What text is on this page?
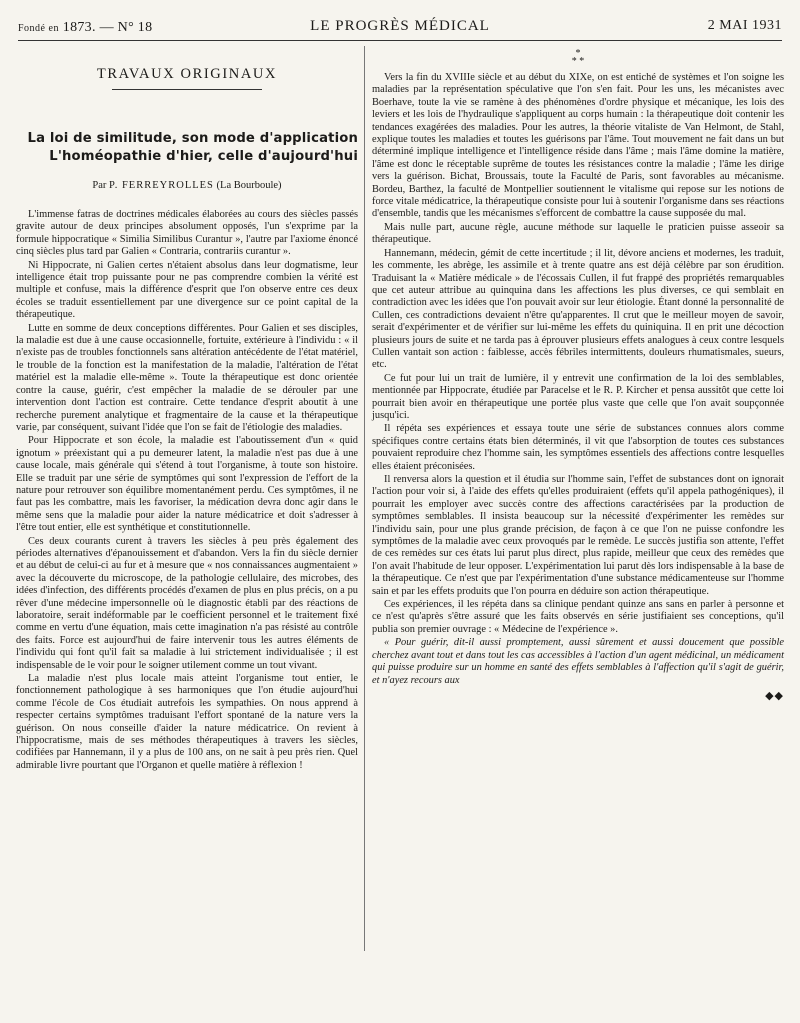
Fondé en 1873. — N° 18	LE PROGRÈS MÉDICAL	2 MAI 1931
TRAVAUX ORIGINAUX
La loi de similitude, son mode d'application
L'homéopathie d'hier, celle d'aujourd'hui
Par P. FERREYROLLES (La Bourboule)

L'immense fatras de doctrines médicales élaborées au cours des siècles passés gravite autour de deux principes absolument opposés, l'un s'exprime par la formule hippocratique « Similia Similibus Curantur », l'autre par l'axiome énoncé cinq siècles plus tard par Galien « Contraria, contrariis curantur ».

Ni Hippocrate, ni Galien certes n'étaient absolus dans leur dogmatisme, leur intelligence était trop puissante pour ne pas comprendre combien la vérité est multiple et confuse, mais la différence d'esprit que l'on observe entre ces deux écoles se traduit essentiellement par une divergence sur ce point capital de la thérapeutique.

Lutte en somme de deux conceptions différentes. Pour Galien et ses disciples, la maladie est due à une cause occasionnelle, fortuite, extérieure à l'individu : « il n'existe pas de troubles fonctionnels sans altération antécédente de l'état matériel, le trouble de la fonction est la manifestation de la maladie, l'altération de l'état matériel est la maladie elle-même ». Toute la thérapeutique est donc orientée contre la cause, guérir, c'est empêcher la maladie de se dérouler par une intervention dont l'action est contraire. Cette tendance d'esprit aboutit à une recherche purement analytique et fragmentaire de la cause et la thérapeutique varie, par conséquent, suivant l'idée que l'on se fait de l'étiologie des maladies.

Pour Hippocrate et son école, la maladie est l'aboutissement d'un « quid ignotum » préexistant qui a pu demeurer latent, la maladie n'est pas due à une cause locale, mais générale qui s'étend à tout l'organisme, à toute son histoire. Elle se traduit par une série de symptômes qui sont l'expression de l'effort de la nature pour retrouver son équilibre momentanément perdu. Ces symptômes, il ne faut pas les combattre, mais les favoriser, la médication devra donc agir dans le même sens que la maladie pour aider la nature médicatrice et doit s'adresser à l'être tout entier, elle est synthétique et constitutionnelle.

Ces deux courants curent à travers les siècles à peu près également des périodes alternatives d'épanouissement et d'abandon. Vers la fin du siècle dernier et au début de celui-ci au fur et à mesure que « nos connaissances augmentaient » avec la découverte du microscope, de la pathologie cellulaire, des microbes, des idées d'infection, des différents procédés d'examen de plus en plus précis, on a pu rêver d'une médecine impersonnelle où le diagnostic établi par des réactions de laboratoire, serait indéformable par le coefficient personnel et le traitement fixé comme en vertu d'une équation, mais cette imagination n'a pas résisté au contrôle des faits. Force est aujourd'hui de faire intervenir tous les autres éléments de l'individu qui font qu'il fait sa maladie à lui strictement individualisée ; il est indispensable de le voir pour le soigner utilement comme un tout vivant.

La maladie n'est plus locale mais atteint l'organisme tout entier, le fonctionnement pathologique à ses harmoniques que l'on étudie aujourd'hui comme l'école de Cos étudiait autrefois les sympathies. On nous apprend à respecter certains symptômes traduisant l'effort spontané de la nature vers la guérison. On nous conseille d'aider la nature médicatrice. On revient à l'hippocratisme, mais de ses méthodes thérapeutiques à travers les siècles, codifiées par Hannemann, il y a plus de 100 ans, on ne sait à peu près rien. Quel admirable livre pourtant que l'Organon et quelle matière à réflexion !

*
* *

Vers la fin du XVIIIe siècle et au début du XIXe, on est entiché de systèmes et l'on soigne les maladies par la représentation spéculative que l'on s'en fait. Pour les uns, les mécanistes avec Boerhave, toute la vie se ramène à des phénomènes d'ordre physique et mécanique, les lois des leviers et les lois de l'hydraulique s'appliquent au corps humain : la thérapeutique doit contenir les tendances exagérées des maladies. Pour les autres, la théorie vitaliste de Van Helmont, de Stahl, explique toutes les maladies et toutes les guérisons par l'âme. Tout mouvement ne fait dans un but déterminé implique intelligence et l'intelligence réside dans l'âme ; mais l'âme domine la matière, l'âme est donc le réceptable suprême de toutes les résistances contre la maladie ; l'âme les dirige vers la guérison. Bichat, Broussais, toute la Faculté de Paris, sont favorables au mécanisme. Bordeu, Barthez, la faculté de Montpellier soutiennent le vitalisme qui repose sur les notions de force vitale médicatrice, la thérapeutique consiste pour lui à soutenir l'organisme dans ses réactions d'ensemble, tandis que les mécanismes s'efforcent de combattre la cause supposée du mal.

Mais nulle part, aucune règle, aucune méthode sur laquelle le praticien puisse asseoir sa thérapeutique.

Hannemann, médecin, gémit de cette incertitude ; il lit, dévore anciens et modernes, les traduit, les commente, les abrège, les assimile et à trente quatre ans est déjà célèbre par son érudition. Traduisant la « Matière médicale » de l'écossais Cullen, il fut frappé des propriétés remarquables que cet auteur attribue au quinquina dans les affections les plus diverses, ce qui semblait en contradiction avec les idées que l'on pouvait avoir sur leur étiologie. Étant donné la personnalité de Cullen, ces contradictions devaient n'être qu'apparentes. Il crut que le meilleur moyen de savoir, serait d'expérimenter et de vérifier sur lui-même les effets du quiniquina. Il en prit une décoction plusieurs jours de suite et ne tarda pas à éprouver plusieurs effets analogues à ceux contre lesquels Cullen vantait son action : faiblesse, accès fébriles intermittents, douleurs rhumatismales, sueurs, etc.

Ce fut pour lui un trait de lumière, il y entrevit une confirmation de la loi des semblables, mentionnée par Hippocrate, étudiée par Paracelse et le R. P. Kircher et pensa aussitôt que cette loi pourrait bien avoir en thérapeutique une portée plus vaste que celle que l'on avait soupçonnée jusqu'ici.

Il répéta ses expériences et essaya toute une série de substances connues alors comme spécifiques contre certains états bien déterminés, il vit que l'absorption de toutes ces substances pouvaient reproduire chez l'homme sain, les symptômes essentiels des affections contre lesquelles elles étaient préconisées.

Il renversa alors la question et il étudia sur l'homme sain, l'effet de substances dont on ignorait l'action pour voir si, à l'aide des effets qu'elles produiraient (effets qu'il appela pathogéniques), il pourrait les employer avec succès contre des affections caractérisées par la production de symptômes semblables. Il insista beaucoup sur la nécessité d'expérimenter les remèdes sur l'individu sain, pour une plus grande précision, de façon à ce que l'on ne puisse confondre les symptômes de la maladie avec ceux provoqués par le remède. Le succès justifia son attente, l'effet de ces remèdes sur ces états lui parut plus direct, plus rapide, meilleur que ceux des remèdes que l'on avait l'habitude de leur opposer. L'expérimentation lui parut dès lors indispensable à la base de la thérapeutique. Ce n'est que par l'expérimentation d'une substance médicamenteuse sur l'homme sain et par les effets produits que l'on pourra en déduire son action thérapeutique.

Ces expériences, il les répéta dans sa clinique pendant quinze ans sans en parler à personne et ce n'est qu'après s'être assuré que les faits observés en série justifiaient ses conceptions, qu'il publia son premier ouvrage : « Médecine de l'expérience ».

« Pour guérir, dit-il aussi promptement, aussi sûrement et aussi doucement que possible cherchez avant tout et dans tout les cas accessibles à l'action d'un agent médicinal, un médicament qui puisse produire sur un homme en santé des effets semblables à l'affection qu'il s'agit de guérir, et n'ayez recours aux

◆◆
